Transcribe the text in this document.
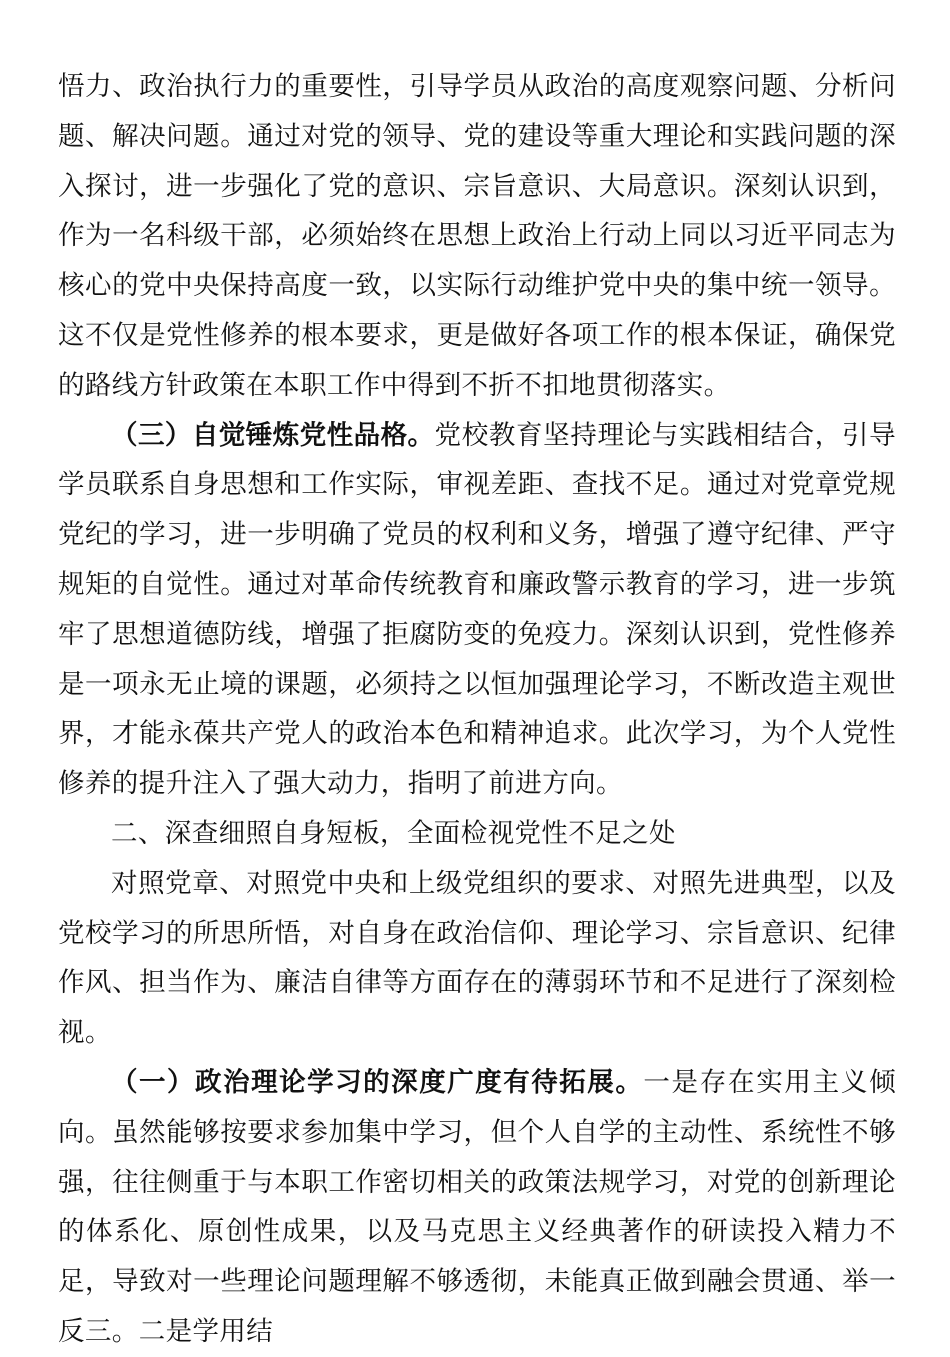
悟力、政治执行力的重要性，引导学员从政治的高度观察问题、分析问题、解决问题。通过对党的领导、党的建设等重大理论和实践问题的深入探讨，进一步强化了党的意识、宗旨意识、大局意识。深刻认识到，作为一名科级干部，必须始终在思想上政治上行动上同以习近平同志为核心的党中央保持高度一致，以实际行动维护党中央的集中统一领导。这不仅是党性修养的根本要求，更是做好各项工作的根本保证，确保党的路线方针政策在本职工作中得到不折不扣地贯彻落实。

（三）自觉锤炼党性品格。党校教育坚持理论与实践相结合，引导学员联系自身思想和工作实际，审视差距、查找不足。通过对党章党规党纪的学习，进一步明确了党员的权利和义务，增强了遵守纪律、严守规矩的自觉性。通过对革命传统教育和廉政警示教育的学习，进一步筑牢了思想道德防线，增强了拒腐防变的免疫力。深刻认识到，党性修养是一项永无止境的课题，必须持之以恒加强理论学习，不断改造主观世界，才能永葆共产党人的政治本色和精神追求。此次学习，为个人党性修养的提升注入了强大动力，指明了前进方向。

二、深查细照自身短板，全面检视党性不足之处

对照党章、对照党中央和上级党组织的要求、对照先进典型，以及党校学习的所思所悟，对自身在政治信仰、理论学习、宗旨意识、纪律作风、担当作为、廉洁自律等方面存在的薄弱环节和不足进行了深刻检视。

（一）政治理论学习的深度广度有待拓展。一是存在实用主义倾向。虽然能够按要求参加集中学习，但个人自学的主动性、系统性不够强，往往侧重于与本职工作密切相关的政策法规学习，对党的创新理论的体系化、原创性成果，以及马克思主义经典著作的研读投入精力不足，导致对一些理论问题理解不够透彻，未能真正做到融会贯通、举一反三。二是学用结
